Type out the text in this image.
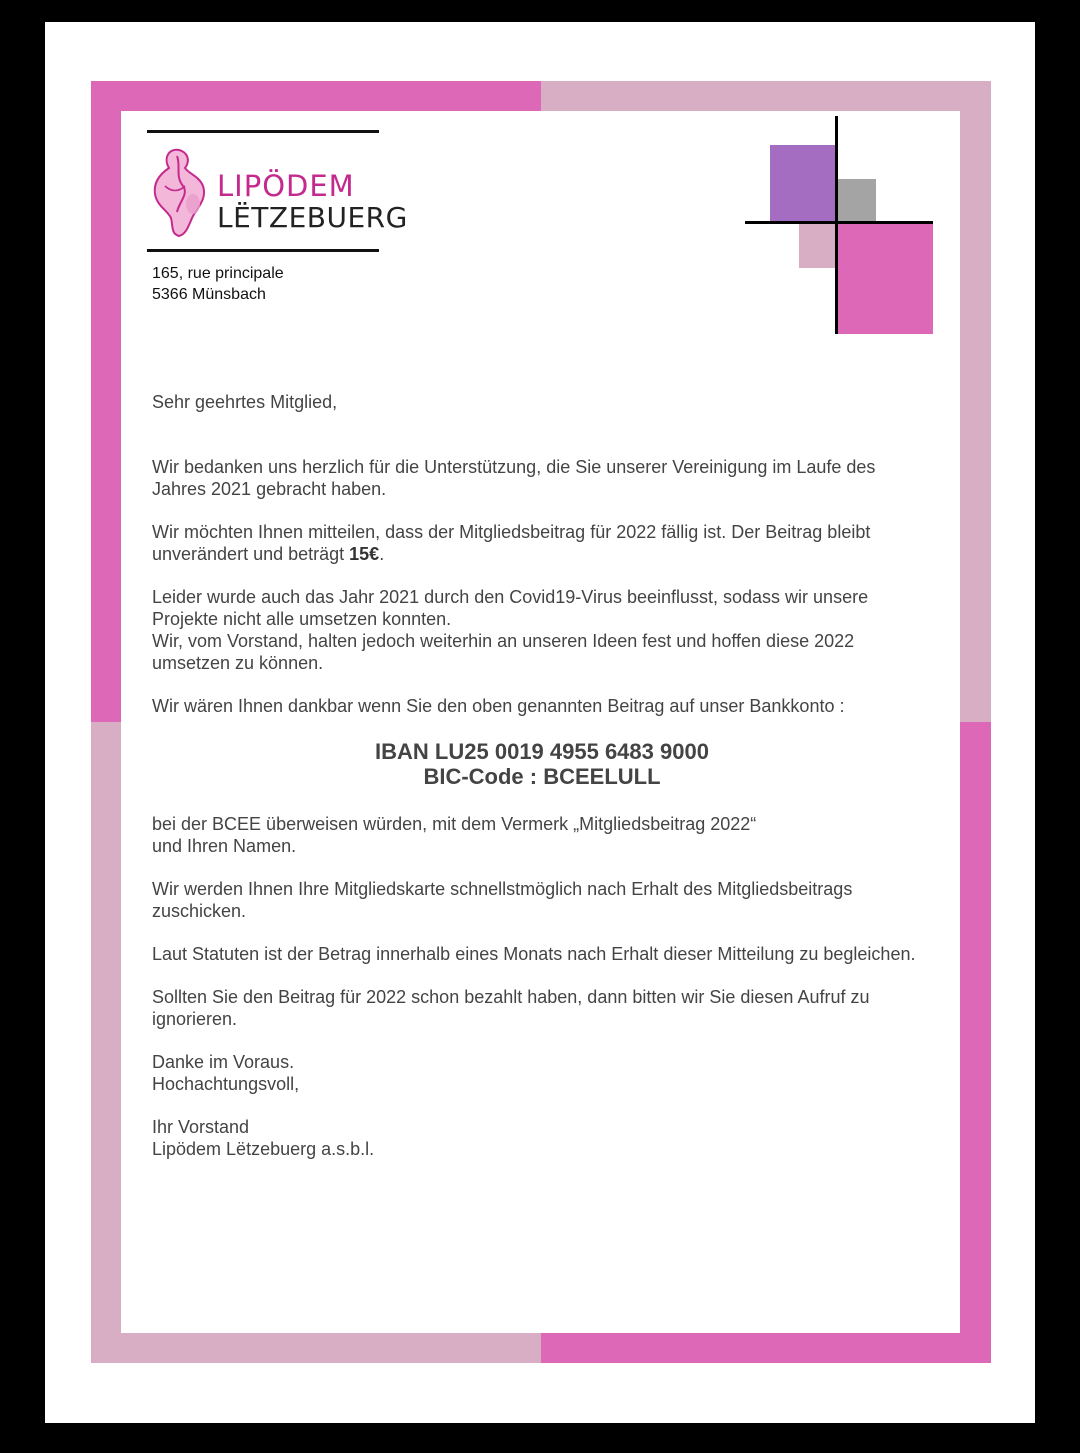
LIPÖDEM
LËTZEBUERG
165, rue principale
5366 Münsbach

Sehr geehrtes Mitglied,

Wir bedanken uns herzlich für die Unterstützung, die Sie unserer Vereinigung im Laufe des Jahres 2021 gebracht haben.

Wir möchten Ihnen mitteilen, dass der Mitgliedsbeitrag für 2022 fällig ist. Der Beitrag bleibt unverändert und beträgt 15€.

Leider wurde auch das Jahr 2021 durch den Covid19-Virus beeinflusst, sodass wir unsere Projekte nicht alle umsetzen konnten.

Wir, vom Vorstand, halten jedoch weiterhin an unseren Ideen fest und hoffen diese 2022 umsetzen zu können.

Wir wären Ihnen dankbar wenn Sie den oben genannten Beitrag auf unser Bankkonto :

IBAN LU25 0019 4955 6483 9000
BIC-Code : BCEELULL

bei der BCEE überweisen würden, mit dem Vermerk „Mitgliedsbeitrag 2022“

und Ihren Namen.

Wir werden Ihnen Ihre Mitgliedskarte schnellstmöglich nach Erhalt des Mitgliedsbeitrags zuschicken.

Laut Statuten ist der Betrag innerhalb eines Monats nach Erhalt dieser Mitteilung zu begleichen.

Sollten Sie den Beitrag für 2022 schon bezahlt haben, dann bitten wir Sie diesen Aufruf zu ignorieren.

Danke im Voraus.

Hochachtungsvoll,

Ihr Vorstand

Lipödem Lëtzebuerg a.s.b.l.
